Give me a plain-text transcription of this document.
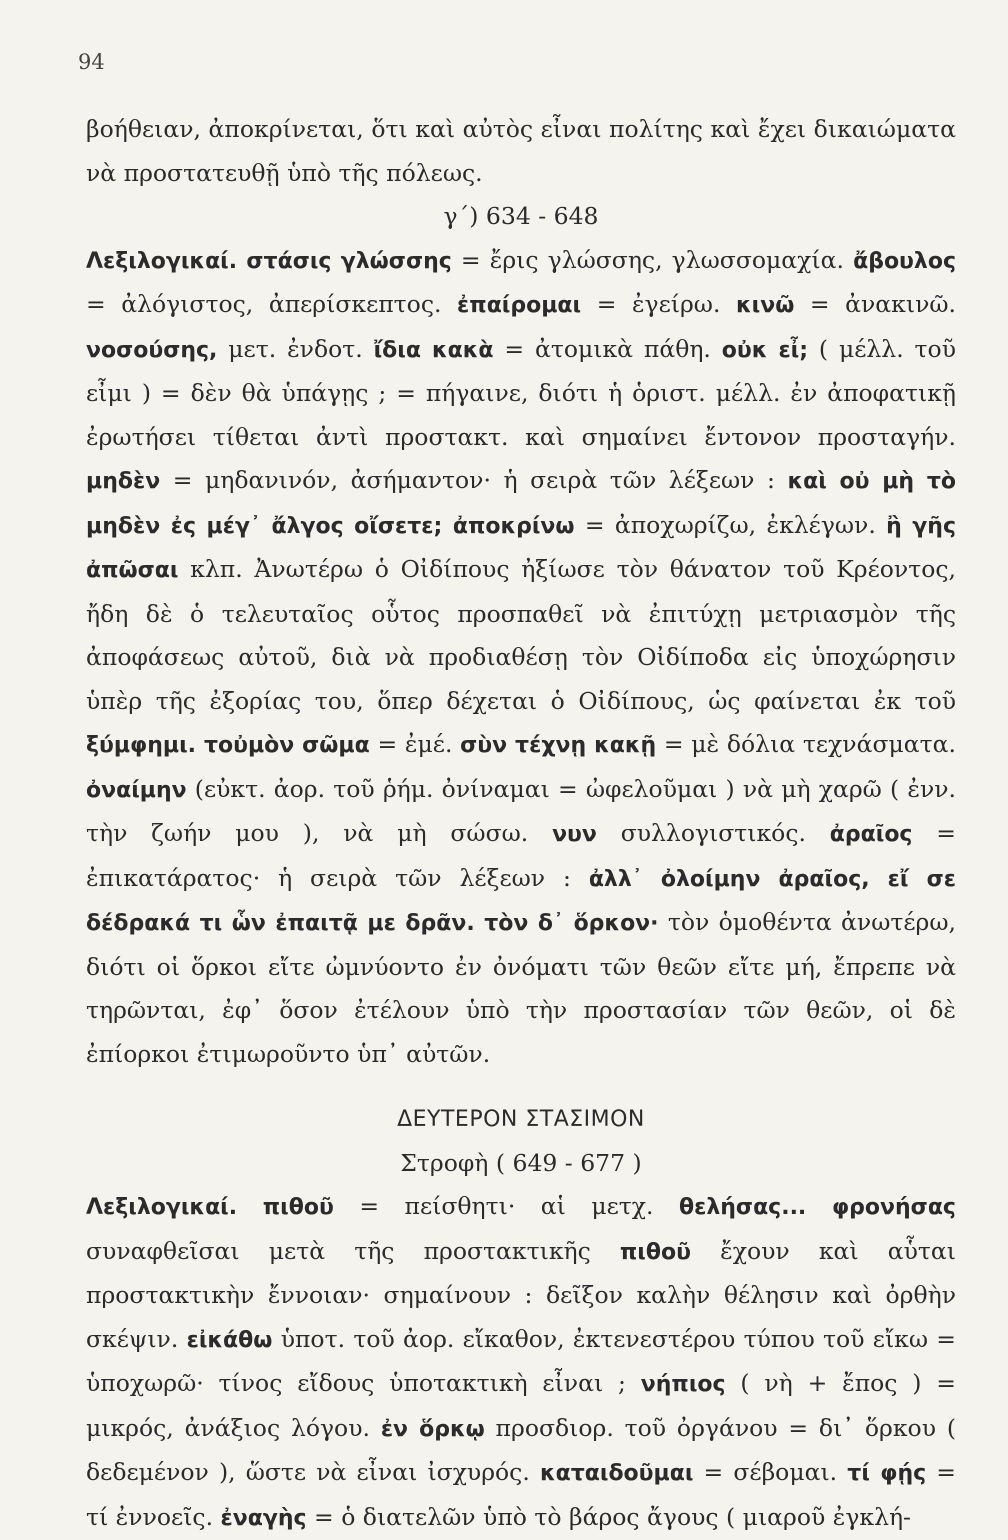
94

βοήθειαν, ἀποκρίνεται, ὅτι καὶ αὐτὸς εἶναι πολίτης καὶ ἔχει δικαιώματα νὰ προστατευθῇ ὑπὸ τῆς πόλεως.

γ΄) 634 - 648

Λεξιλογικαί. στάσις γλώσσης = ἔρις γλώσσης, γλωσσομαχία. ἄβουλος = ἀλόγιστος, ἀπερίσκεπτος. ἐπαίρομαι = ἐγείρω. κινῶ = ἀνακινῶ. νοσούσης, μετ. ἐνδοτ. ἴδια κακὰ = ἀτομικὰ πάθη. οὐκ εἶ; ( μέλλ. τοῦ εἶμι ) = δὲν θὰ ὑπάγῃς ; = πήγαινε, διότι ἡ ὁριστ. μέλλ. ἐν ἀποφατικῇ ἐρωτήσει τίθεται ἀντὶ προστακτ. καὶ σημαίνει ἔντονον προσταγήν. μηδὲν = μηδανινόν, ἀσήμαντον· ἡ σειρὰ τῶν λέξεων : καὶ οὐ μὴ τὸ μηδὲν ἐς μέγ᾽ ἄλγος οἴσετε; ἀποκρίνω = ἀποχωρίζω, ἐκλέγων. ἢ γῆς ἀπῶσαι κλπ. Ἀνωτέρω ὁ Οἰδίπους ἠξίωσε τὸν θάνατον τοῦ Κρέοντος, ἤδη δὲ ὁ τελευταῖος οὗτος προσπαθεῖ νὰ ἐπιτύχῃ μετριασμὸν τῆς ἀποφάσεως αὐτοῦ, διὰ νὰ προδιαθέσῃ τὸν Οἰδίποδα εἰς ὑποχώρησιν ὑπὲρ τῆς ἐξορίας του, ὅπερ δέχεται ὁ Οἰδίπους, ὡς φαίνεται ἐκ τοῦ ξύμφημι. τοὐμὸν σῶμα = ἐμέ. σὺν τέχνῃ κακῇ = μὲ δόλια τεχνάσματα. ὀναίμην (εὐκτ. ἀορ. τοῦ ῥήμ. ὀνίναμαι = ὠφελοῦμαι ) νὰ μὴ χαρῶ ( ἐνν. τὴν ζωήν μου ), νὰ μὴ σώσω. νυν συλλογιστικός. ἀραῖος = ἐπικατάρατος· ἡ σειρὰ τῶν λέξεων : ἀλλ᾽ ὀλοίμην ἀραῖος, εἴ σε δέδρακά τι ὧν ἐπαιτᾷ με δρᾶν. τὸν δ᾽ ὅρκον· τὸν ὁμοθέντα ἀνωτέρω, διότι οἱ ὅρκοι εἴτε ὠμνύοντο ἐν ὀνόματι τῶν θεῶν εἴτε μή, ἔπρεπε νὰ τηρῶνται, ἐφ᾽ ὅσον ἐτέλουν ὑπὸ τὴν προστασίαν τῶν θεῶν, οἱ δὲ ἐπίορκοι ἐτιμωροῦντο ὑπ᾽ αὐτῶν.

ΔΕΥΤΕΡΟΝ ΣΤΑΣΙΜΟΝ

Στροφὴ ( 649 - 677 )

Λεξιλογικαί. πιθοῦ = πείσθητι· αἱ μετχ. θελήσας... φρονήσας συναφθεῖσαι μετὰ τῆς προστακτικῆς πιθοῦ ἔχουν καὶ αὗται προστακτικὴν ἔννοιαν· σημαίνουν : δεῖξον καλὴν θέλησιν καὶ ὀρθὴν σκέψιν. εἰκάθω ὑποτ. τοῦ ἀορ. εἴκαθον, ἐκτενεστέρου τύπου τοῦ εἴκω = ὑποχωρῶ· τίνος εἴδους ὑποτακτικὴ εἶναι ; νήπιος ( νὴ + ἔπος ) = μικρός, ἀνάξιος λόγου. ἐν ὅρκῳ προσδιορ. τοῦ ὀργάνου = δι᾽ ὅρκου ( δεδεμένον ), ὥστε νὰ εἶναι ἰσχυρός. καταιδοῦμαι = σέβομαι. τί φῄς = τί ἐννοεῖς. ἐναγὴς = ὁ διατελῶν ὑπὸ τὸ βάρος ἄγους ( μιαροῦ ἐγκλή-
